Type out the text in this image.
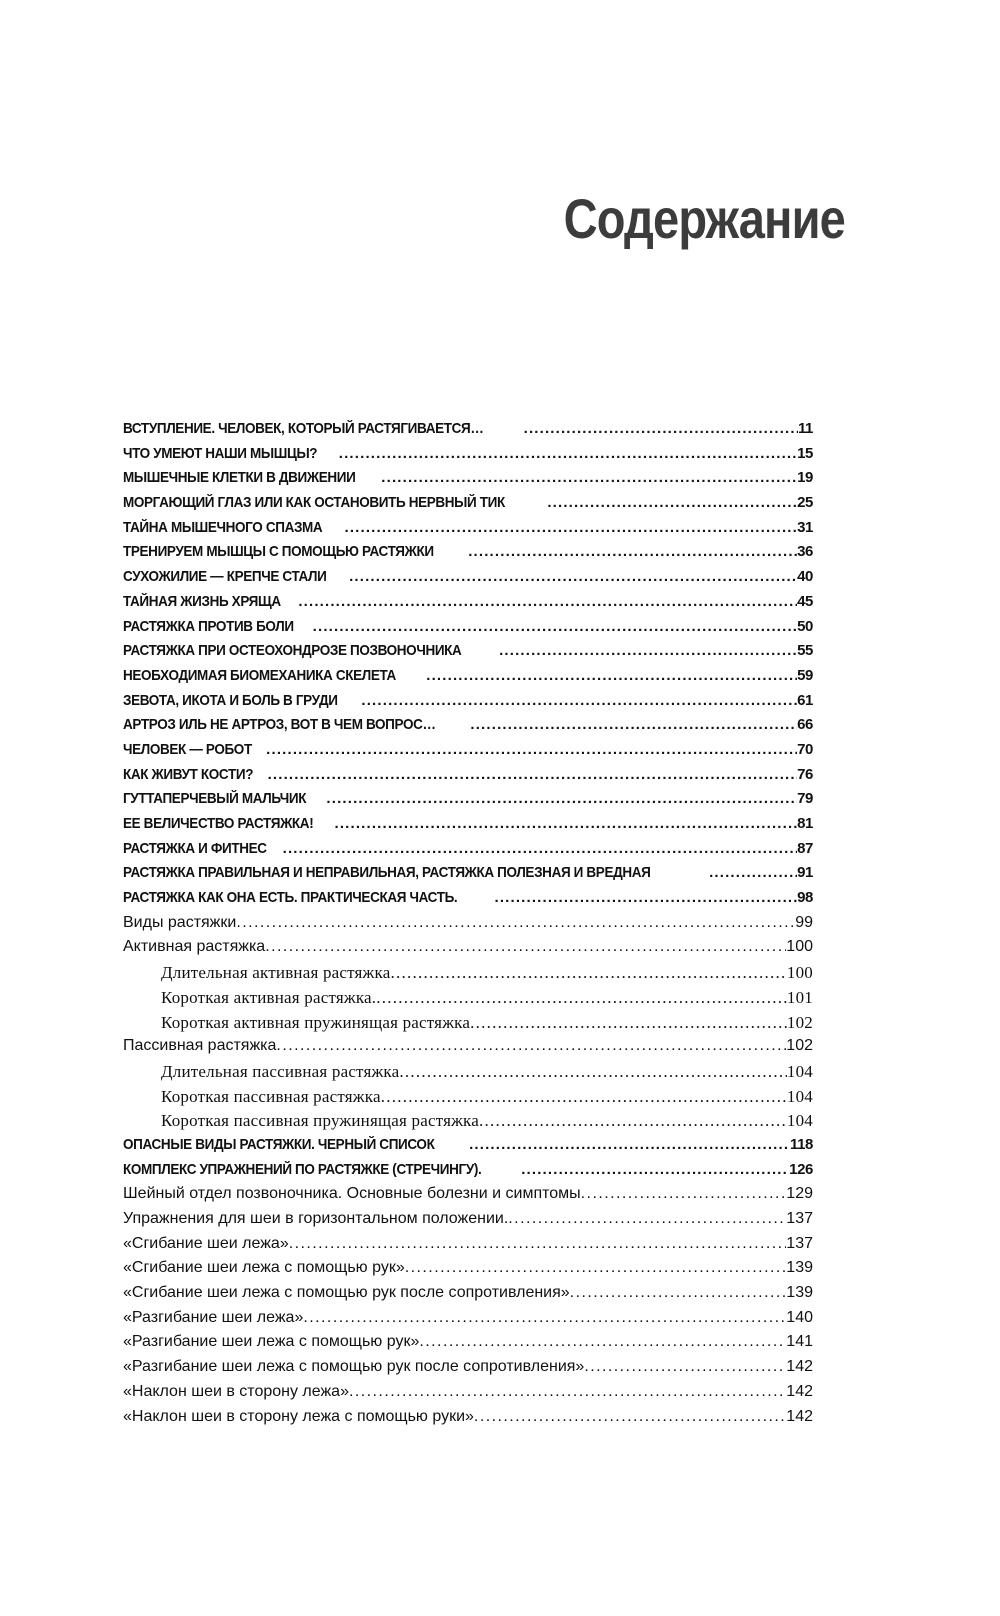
Содержание
ВСТУПЛЕНИЕ. ЧЕЛОВЕК, КОТОРЫЙ РАСТЯГИВАЕТСЯ… . . .	11
ЧТО УМЕЮТ НАШИ МЫШЦЫ? . . .	15
МЫШЕЧНЫЕ КЛЕТКИ В ДВИЖЕНИИ . . .	19
МОРГАЮЩИЙ ГЛАЗ ИЛИ КАК ОСТАНОВИТЬ НЕРВНЫЙ ТИК . . .	25
ТАЙНА МЫШЕЧНОГО СПАЗМА . . .	31
ТРЕНИРУЕМ МЫШЦЫ С ПОМОЩЬЮ РАСТЯЖКИ . . .	36
СУХОЖИЛИЕ — КРЕПЧЕ СТАЛИ . . .	40
ТАЙНАЯ ЖИЗНЬ ХРЯЩА . . .	45
РАСТЯЖКА ПРОТИВ БОЛИ . . .	50
РАСТЯЖКА ПРИ ОСТЕОХОНДРОЗЕ ПОЗВОНОЧНИКА . . .	55
НЕОБХОДИМАЯ БИОМЕХАНИКА СКЕЛЕТА . . .	59
ЗЕВОТА, ИКОТА И БОЛЬ В ГРУДИ . . .	61
АРТРОЗ ИЛЬ НЕ АРТРОЗ, ВОТ В ЧЕМ ВОПРОС… . . .	66
ЧЕЛОВЕК — РОБОТ . . .	70
КАК ЖИВУТ КОСТИ? . . .	76
ГУТТАПЕРЧЕВЫЙ МАЛЬЧИК . . .	79
ЕЕ ВЕЛИЧЕСТВО РАСТЯЖКА! . . .	81
РАСТЯЖКА И ФИТНЕС . . .	87
РАСТЯЖКА ПРАВИЛЬНАЯ И НЕПРАВИЛЬНАЯ, РАСТЯЖКА ПОЛЕЗНАЯ И ВРЕДНАЯ . . .	91
РАСТЯЖКА КАК ОНА ЕСТЬ. ПРАКТИЧЕСКАЯ ЧАСТЬ. . . .	98
Виды растяжки . . .	99
Активная растяжка . . .	100
Длительная активная растяжка . . .	100
Короткая активная растяжка. . . .	101
Короткая активная пружинящая растяжка . . .	102
Пассивная растяжка . . .	102
Длительная пассивная растяжка . . .	104
Короткая пассивная растяжка . . .	104
Короткая пассивная пружинящая растяжка . . .	104
ОПАСНЫЕ ВИДЫ РАСТЯЖКИ. ЧЕРНЫЙ СПИСОК . . .	118
КОМПЛЕКС УПРАЖНЕНИЙ ПО РАСТЯЖКЕ (СТРЕЧИНГУ). . . .	126
Шейный отдел позвоночника. Основные болезни и симптомы . . .	129
Упражнения для шеи в горизонтальном положении. . . .	137
«Сгибание шеи лежа» . . .	137
«Сгибание шеи лежа с помощью рук» . . .	139
«Сгибание шеи лежа с помощью рук после сопротивления» . . .	139
«Разгибание шеи лежа» . . .	140
«Разгибание шеи лежа с помощью рук» . . .	141
«Разгибание шеи лежа с помощью рук после сопротивления» . . .	142
«Наклон шеи в сторону лежа» . . .	142
«Наклон шеи в сторону лежа с помощью руки» . . .	142
